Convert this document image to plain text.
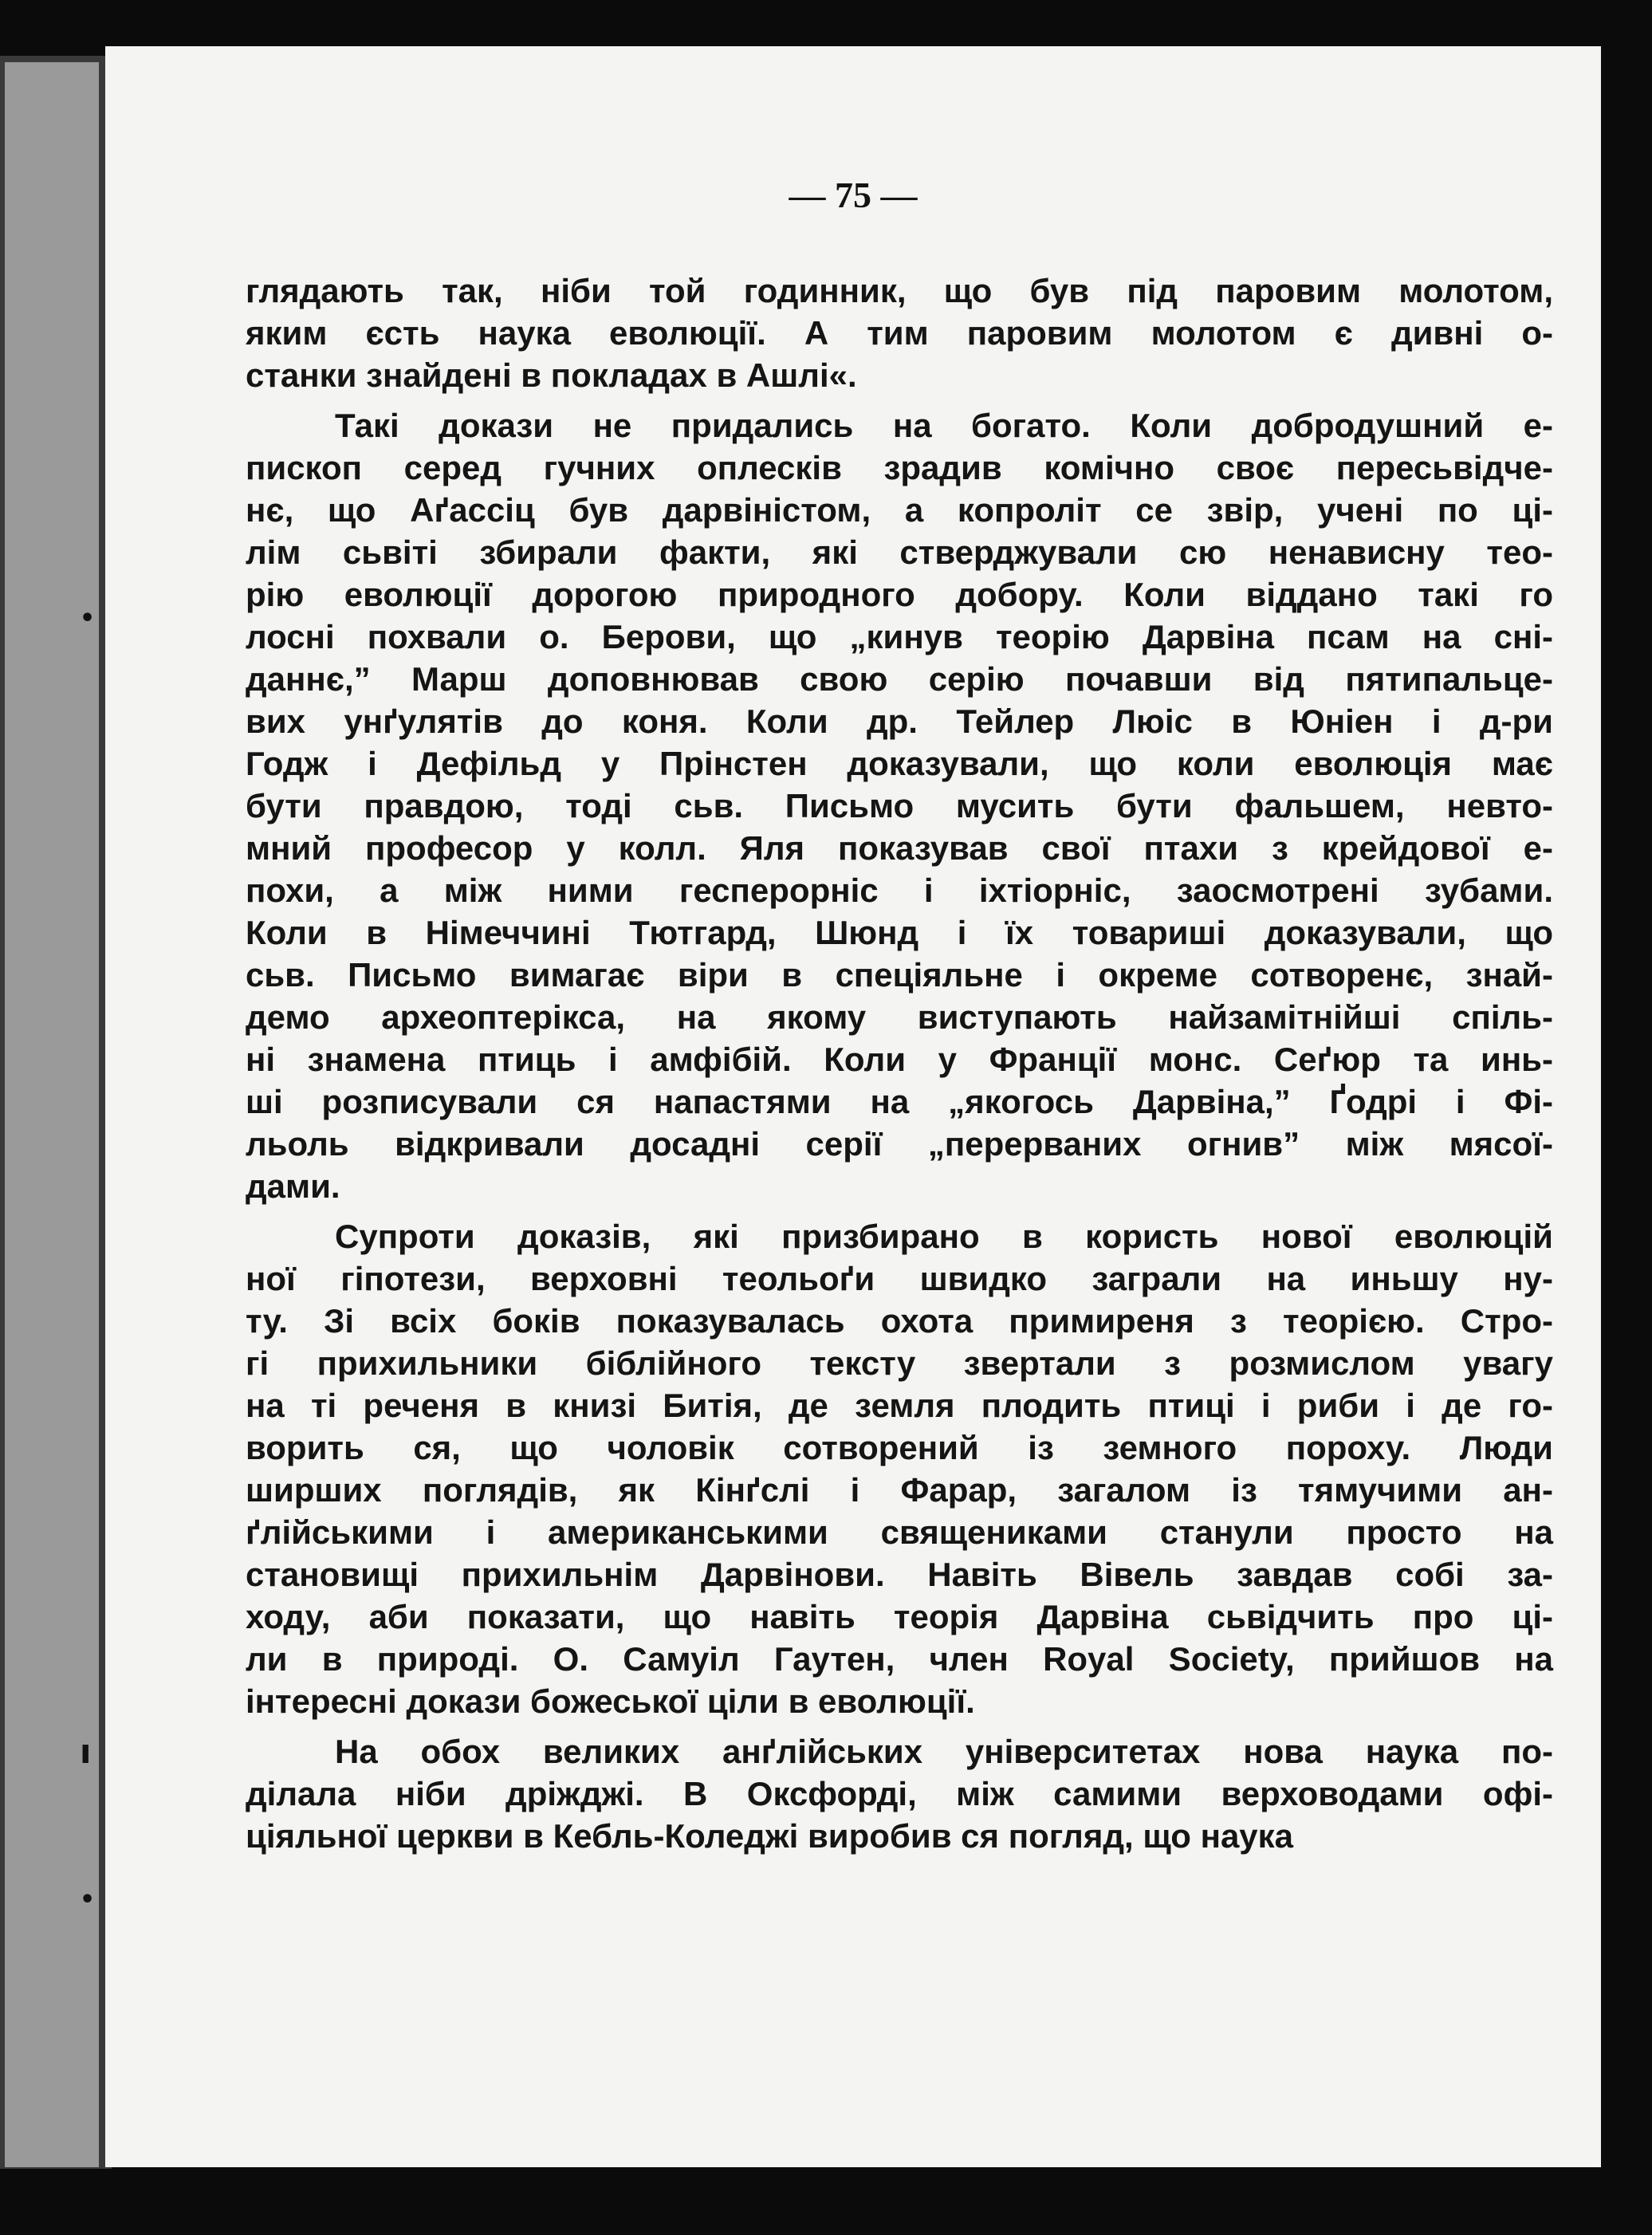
— 75 —
глядають так, ніби той годинник, що був під паровим молотом,
яким єсть наука еволюції. А тим паровим молотом є дивні о-
станки знайдені в покладах в Ашлі«.
Такі докази не придались на богато. Коли добродушний е-
пископ серед гучних оплесків зрадив комічно своє пересьвідче-
нє, що Аґассіц був дарвіністом, а копроліт се звір, учені по ці-
лім сьвіті збирали факти, які стверджували сю ненависну тео-
рію еволюції дорогою природного добору. Коли віддано такі го
лосні похвали о. Берови, що „кинув теорію Дарвіна псам на сні-
даннє,” Марш доповнював свою серію почавши від пятипальце-
вих унґулятів до коня. Коли др. Тейлер Люіс в Юніен і д-ри
Годж і Дефільд у Прінстен доказували, що коли еволюція має
бути правдою, тоді сьв. Письмо мусить бути фальшем, невто-
мний професор у колл. Яля показував свої птахи з крейдової е-
похи, а між ними гесперорніс і іхтіорніс, заосмотрені зубами.
Коли в Німеччині Тютгард, Шюнд і їх товариші доказували, що
сьв. Письмо вимагає віри в спеціяльне і окреме сотворенє, знай-
демо археоптерікса, на якому виступають найзамітнійші спіль-
ні знамена птиць і амфібій. Коли у Франції монс. Сеґюр та инь-
ші розписували ся напастями на „якогось Дарвіна,” Ґодрі і Фі-
льоль відкривали досадні серії „перерваних огнив” між мясої-
дами.
Супроти доказів, які призбирано в користь нової еволюцій
ної гіпотези, верховні теольоґи швидко заграли на иньшу ну-
ту. Зі всіх боків показувалась охота примиреня з теорією. Стро-
гі прихильники біблійного тексту звертали з розмислом увагу
на ті реченя в книзі Битія, де земля плодить птиці і риби і де го-
ворить ся, що чоловік сотворений із земного пороху. Люди
ширших поглядів, як Кінґслі і Фарар, загалом із тямучими ан-
ґлійськими і американськими священиками станули просто на
становищі прихильнім Дарвінови. Навіть Вівель завдав собі за-
ходу, аби показати, що навіть теорія Дарвіна сьвідчить про ці-
ли в природі. О. Самуіл Гаутен, член Royal Society, прийшов на
інтересні докази божеської ціли в еволюції.
На обох великих анґлійських університетах нова наука по-
ділала ніби дріжджі. В Оксфорді, між самими верховодами офі-
ціяльної церкви в Кебль-Коледжі виробив ся погляд, що наука
•
ı
•
